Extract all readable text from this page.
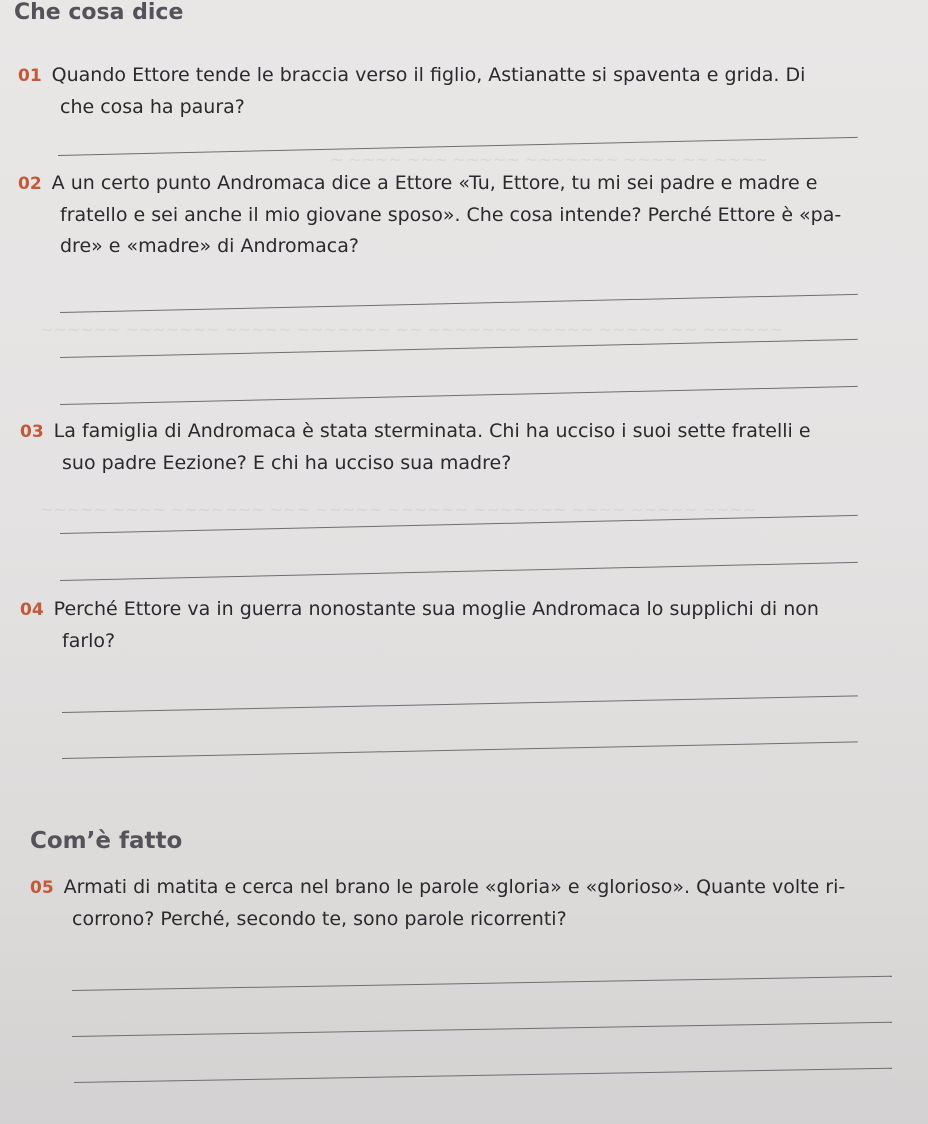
~ ~~~~ ~~~ ~~~~~ ~~~~~~~ ~~~~ ~~ ~~~~
~~~~~~ ~~~~~~~ ~~~~~ ~~~~~~~ ~~ ~~~~~~~ ~~~~~ ~~~~~ ~~ ~~~~~~
~~~~~ ~~~~ ~~~~~~~ ~~~ ~~~~~ ~~~~~~ ~~~~~~~ ~~~~ ~~~~~ ~~~~
Che cosa dice
01 Quando Ettore tende le braccia verso il figlio, Astianatte si spaventa e grida. Di
che cosa ha paura?
02 A un certo punto Andromaca dice a Ettore «Tu, Ettore, tu mi sei padre e madre e
fratello e sei anche il mio giovane sposo». Che cosa intende? Perché Ettore è «pa-
dre» e «madre» di Andromaca?
03 La famiglia di Andromaca è stata sterminata. Chi ha ucciso i suoi sette fratelli e
suo padre Eezione? E chi ha ucciso sua madre?
04 Perché Ettore va in guerra nonostante sua moglie Andromaca lo supplichi di non
farlo?
Com’è fatto
05 Armati di matita e cerca nel brano le parole «gloria» e «glorioso». Quante volte ri-
corrono? Perché, secondo te, sono parole ricorrenti?
